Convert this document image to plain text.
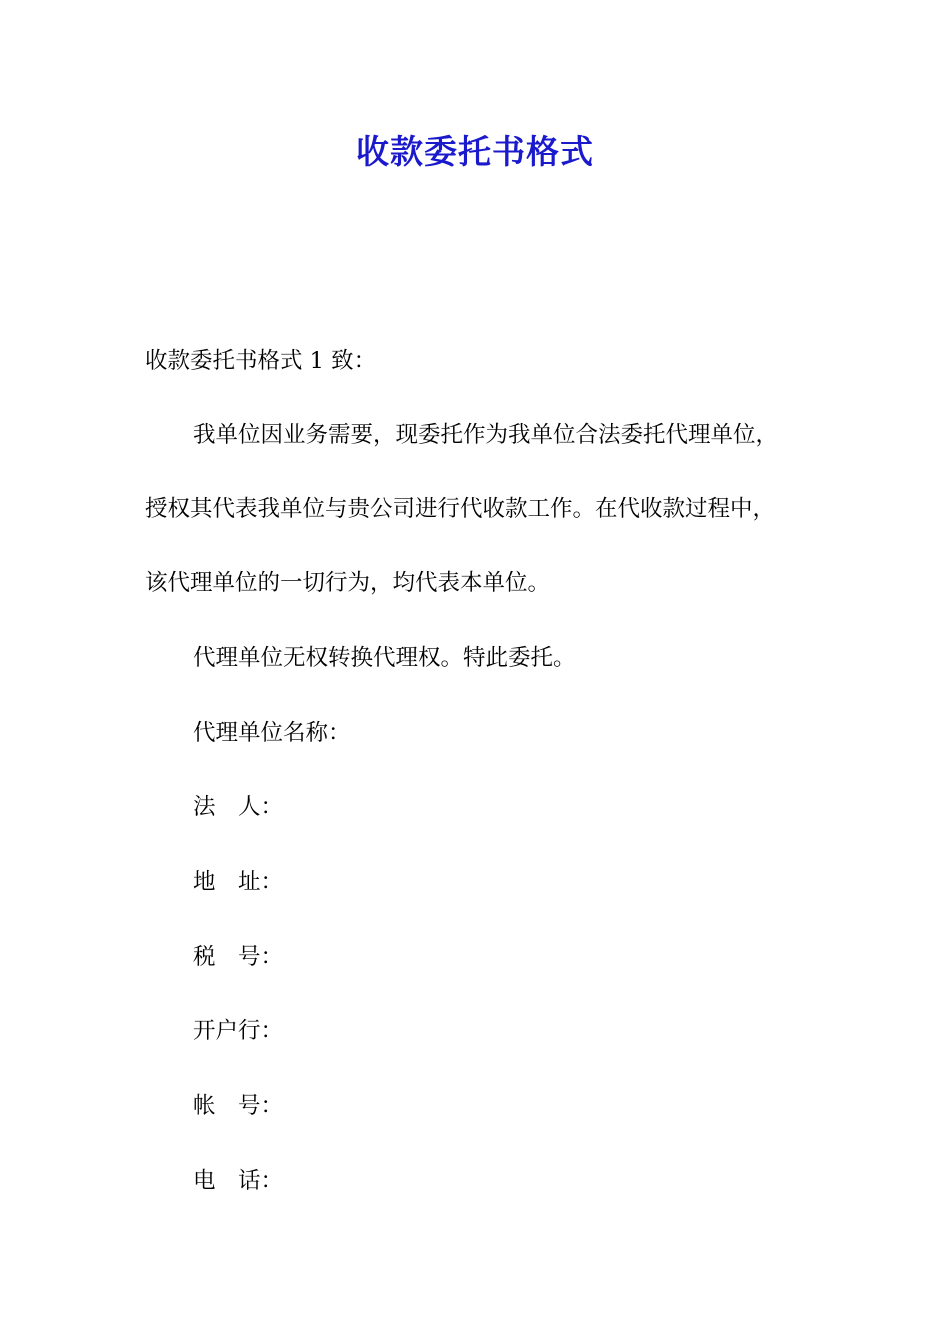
收款委托书格式
收款委托书格式 1 致：
我单位因业务需要，现委托作为我单位合法委托代理单位，
授权其代表我单位与贵公司进行代收款工作。在代收款过程中，
该代理单位的一切行为，均代表本单位。
代理单位无权转换代理权。特此委托。
代理单位名称：
法　人：
地　址：
税　号：
开户行：
帐　号：
电　话：
